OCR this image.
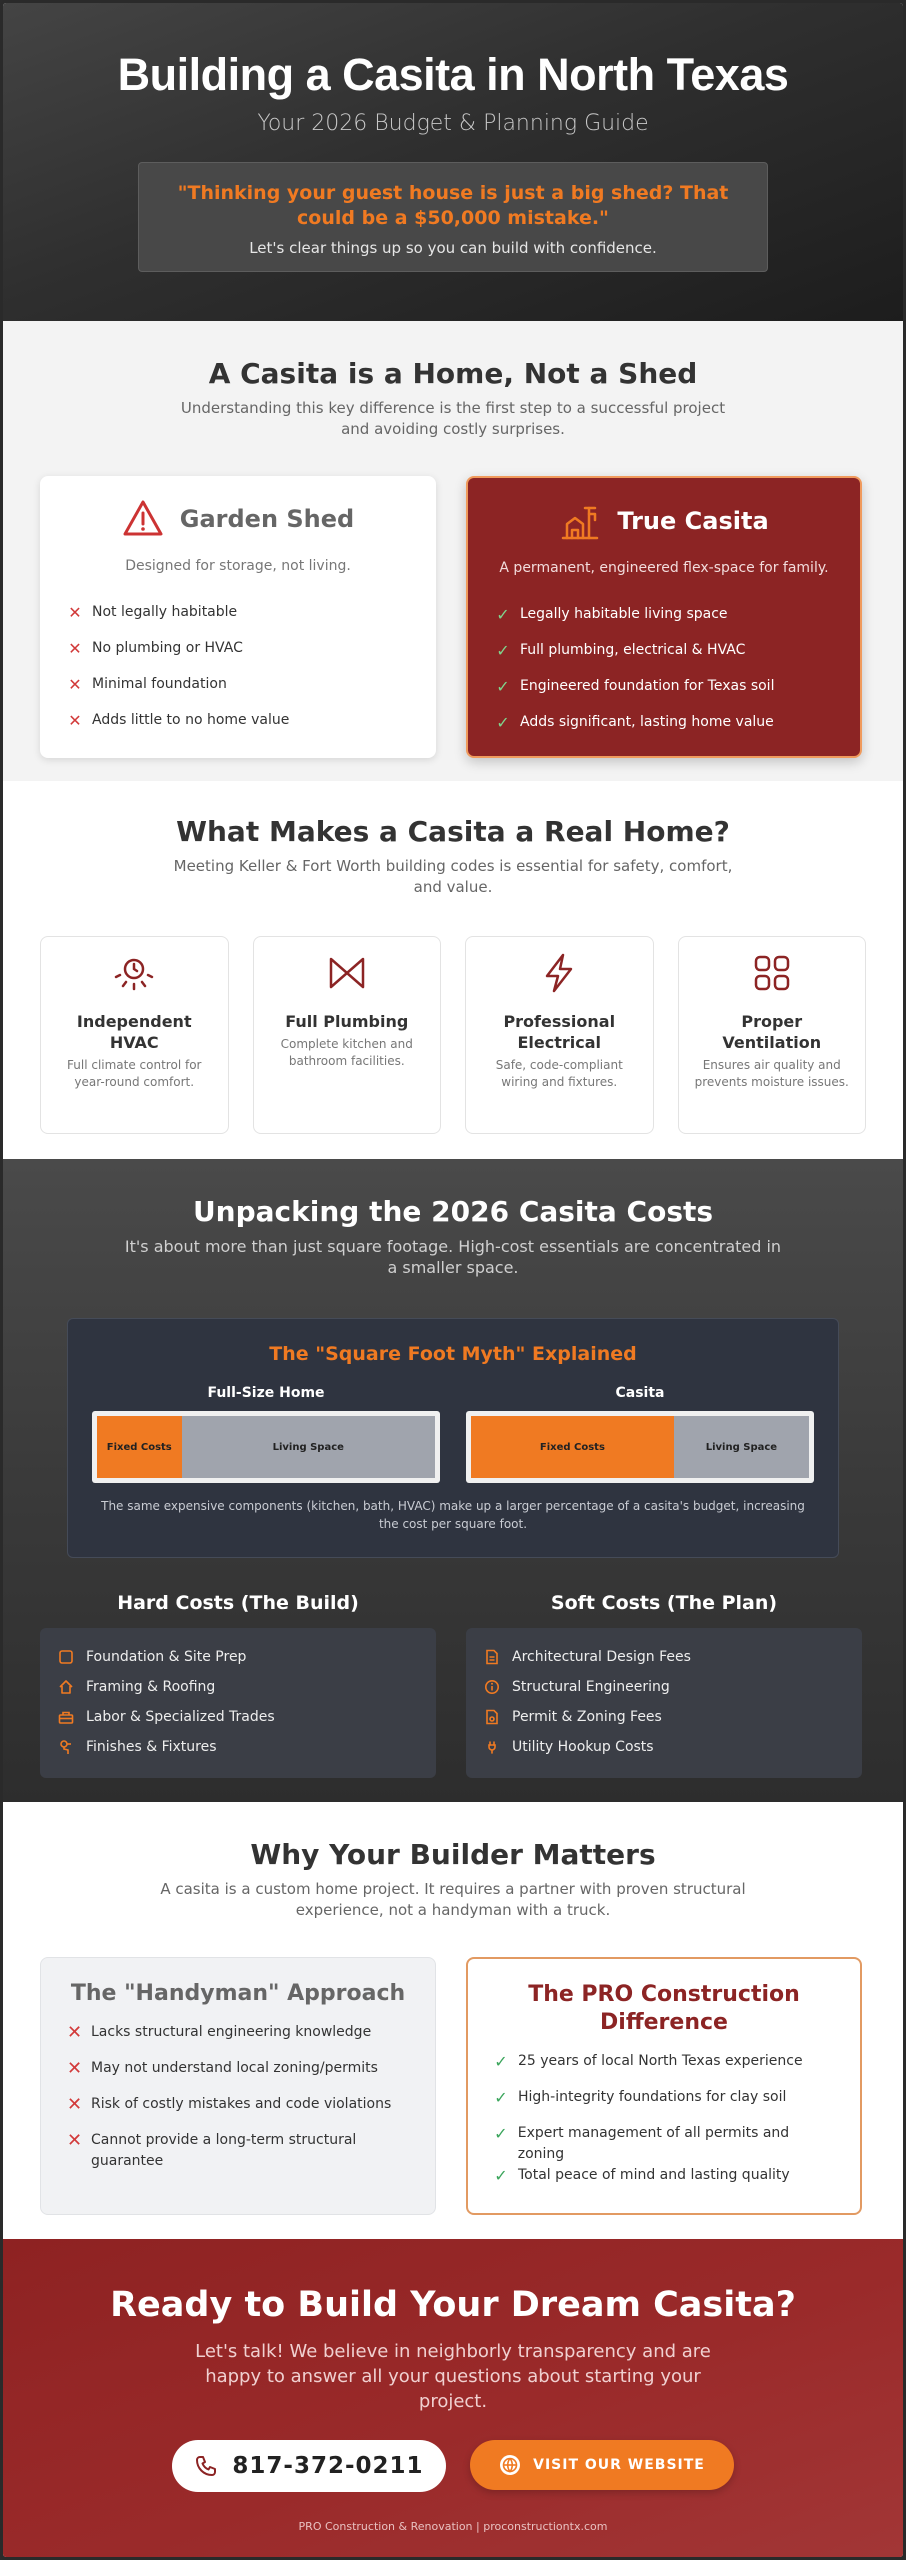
Building a Casita in North Texas
Your 2026 Budget & Planning Guide
"Thinking your guest house is just a big shed? That could be a $50,000 mistake."
Let's clear things up so you can build with confidence.
A Casita is a Home, Not a Shed
Understanding this key difference is the first step to a successful project and avoiding costly surprises.
Garden Shed
Designed for storage, not living.
✕ Not legally habitable
✕ No plumbing or HVAC
✕ Minimal foundation
✕ Adds little to no home value
True Casita
A permanent, engineered flex-space for family.
✓ Legally habitable living space
✓ Full plumbing, electrical & HVAC
✓ Engineered foundation for Texas soil
✓ Adds significant, lasting home value
What Makes a Casita a Real Home?
Meeting Keller & Fort Worth building codes is essential for safety, comfort, and value.
Independent HVAC
Full climate control for year-round comfort.
Full Plumbing
Complete kitchen and bathroom facilities.
Professional Electrical
Safe, code-compliant wiring and fixtures.
Proper Ventilation
Ensures air quality and prevents moisture issues.
Unpacking the 2026 Casita Costs
It's about more than just square footage. High-cost essentials are concentrated in a smaller space.
The "Square Foot Myth" Explained
Full-Size Home
Fixed Costs	Living Space
Casita
Fixed Costs	Living Space
The same expensive components (kitchen, bath, HVAC) make up a larger percentage of a casita's budget, increasing the cost per square foot.
Hard Costs (The Build)
Foundation & Site Prep
Framing & Roofing
Labor & Specialized Trades
Finishes & Fixtures
Soft Costs (The Plan)
Architectural Design Fees
Structural Engineering
Permit & Zoning Fees
Utility Hookup Costs
Why Your Builder Matters
A casita is a custom home project. It requires a partner with proven structural experience, not a handyman with a truck.
The "Handyman" Approach
✕ Lacks structural engineering knowledge
✕ May not understand local zoning/permits
✕ Risk of costly mistakes and code violations
✕ Cannot provide a long-term structural guarantee
The PRO Construction Difference
✓ 25 years of local North Texas experience
✓ High-integrity foundations for clay soil
✓ Expert management of all permits and zoning
✓ Total peace of mind and lasting quality
Ready to Build Your Dream Casita?
Let's talk! We believe in neighborly transparency and are happy to answer all your questions about starting your project.
817-372-0211	VISIT OUR WEBSITE
PRO Construction & Renovation | proconstructiontx.com
